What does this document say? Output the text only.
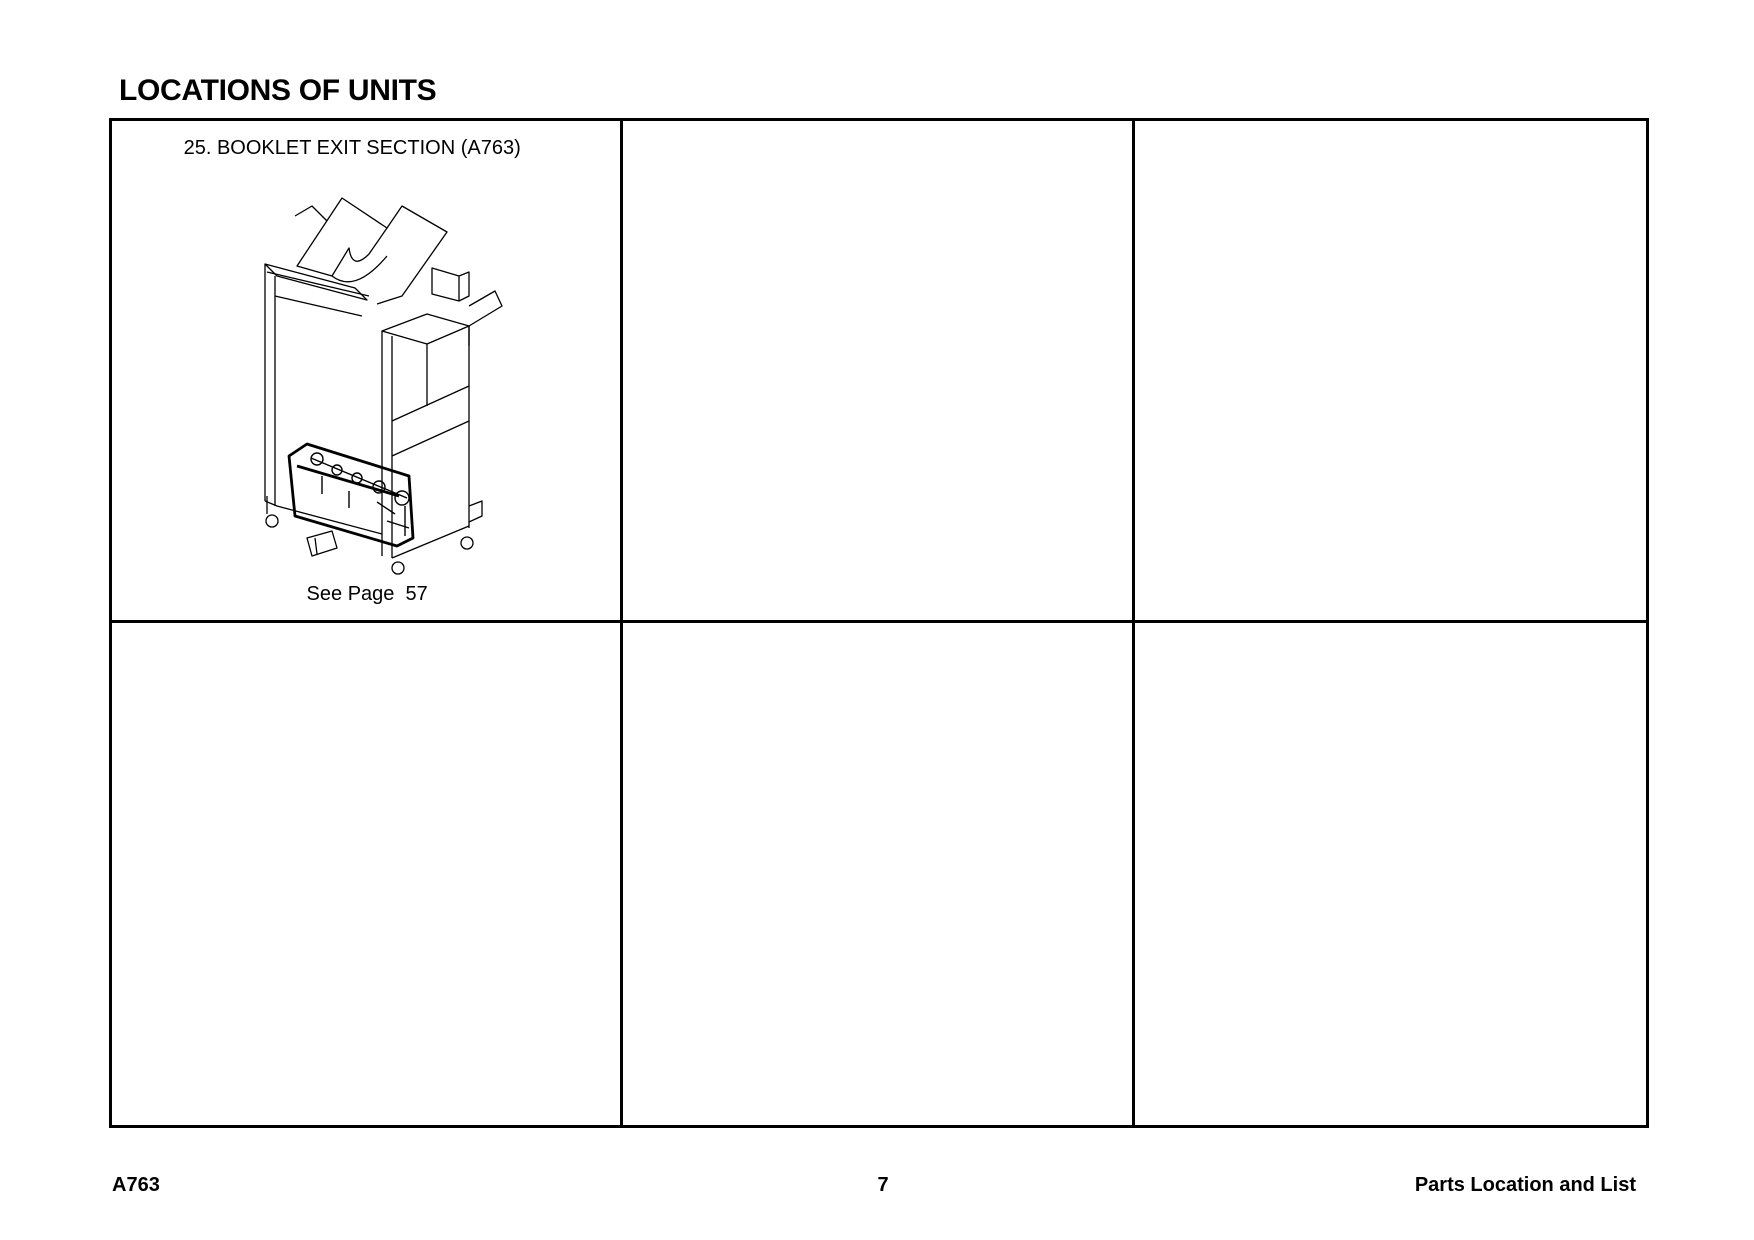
LOCATIONS OF UNITS
25. BOOKLET EXIT SECTION (A763)
See Page  57
A763	7	Parts Location and List
